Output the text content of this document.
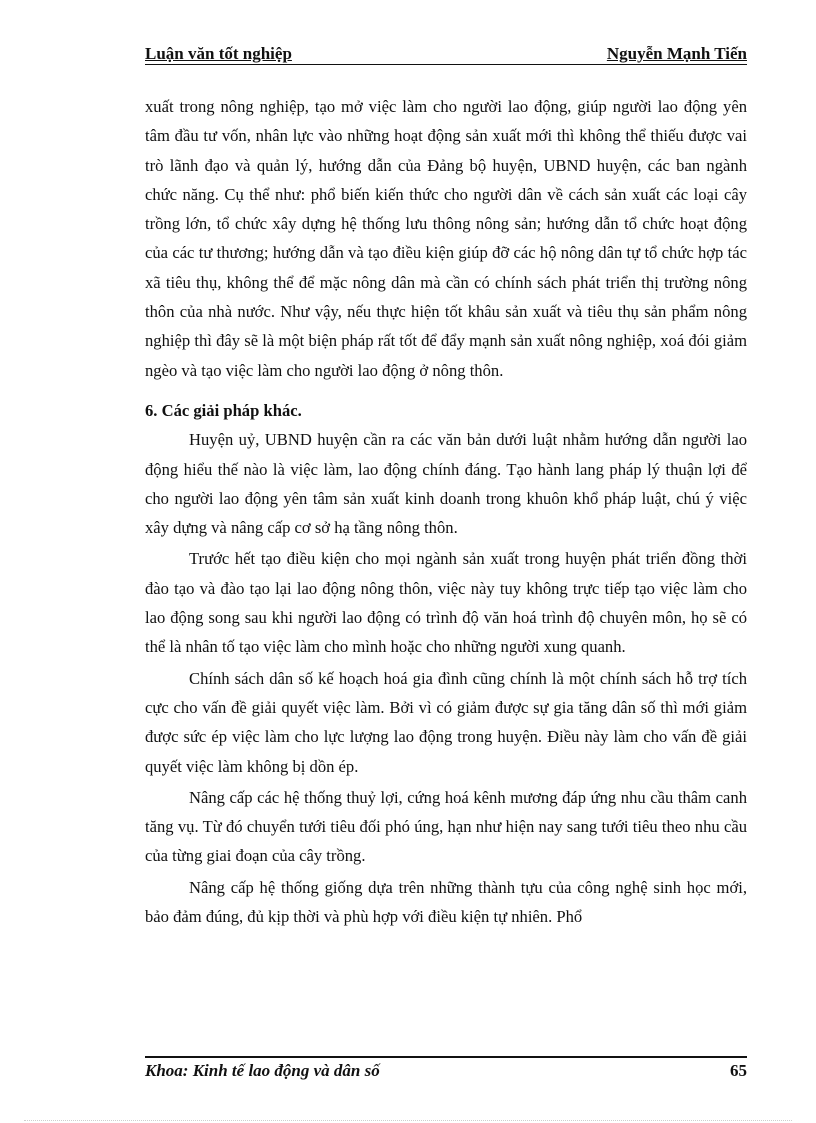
Luận văn tốt nghiệp	Nguyễn Mạnh Tiến

xuất trong nông nghiệp, tạo mở việc làm cho người lao động, giúp người lao động yên tâm đầu tư vốn, nhân lực vào những hoạt động sản xuất mới thì không thể thiếu được vai trò lãnh đạo và quản lý, hướng dẫn của Đảng bộ huyện, UBND huyện, các ban ngành chức năng. Cụ thể như: phổ biến kiến thức cho người dân về cách sản xuất các loại cây trồng lớn, tổ chức xây dựng hệ thống lưu thông nông sản; hướng dẫn tổ chức hoạt động của các tư thương; hướng dẫn và tạo điều kiện giúp đỡ các hộ nông dân tự tổ chức hợp tác xã tiêu thụ, không thể để mặc nông dân mà cần có chính sách phát triển thị trường nông thôn của nhà nước. Như vậy, nếu thực hiện tốt khâu sản xuất và tiêu thụ sản phẩm nông nghiệp thì đây sẽ là một biện pháp rất tốt để đẩy mạnh sản xuất nông nghiệp, xoá đói giảm ngèo và tạo việc làm cho người lao động ở nông thôn.

6. Các giải pháp khác.

Huyện uỷ, UBND huyện cần ra các văn bản dưới luật nhằm hướng dẫn người lao động hiểu thế nào là việc làm, lao động chính đáng. Tạo hành lang pháp lý thuận lợi để cho người lao động yên tâm sản xuất kinh doanh trong khuôn khổ pháp luật, chú ý việc xây dựng và nâng cấp cơ sở hạ tầng nông thôn.

Trước hết tạo điều kiện cho mọi ngành sản xuất trong huyện phát triển đồng thời đào tạo và đào tạo lại lao động nông thôn, việc này tuy không trực tiếp tạo việc làm cho lao động song sau khi người lao động có trình độ văn hoá trình độ chuyên môn, họ sẽ có thể là nhân tố tạo việc làm cho mình hoặc cho những người xung quanh.

Chính sách dân số kế hoạch hoá gia đình cũng chính là một chính sách hỗ trợ tích cực cho vấn đề giải quyết việc làm. Bởi vì có giảm được sự gia tăng dân số thì mới giảm được sức ép việc làm cho lực lượng lao động trong huyện. Điều này làm cho vấn đề giải quyết việc làm không bị dồn ép.

Nâng cấp các hệ thống thuỷ lợi, cứng hoá kênh mương đáp ứng nhu cầu thâm canh tăng vụ. Từ đó chuyển tưới tiêu đối phó úng, hạn như hiện nay sang tưới tiêu theo nhu cầu của từng giai đoạn của cây trồng.

Nâng cấp hệ thống giống dựa trên những thành tựu của công nghệ sinh học mới, bảo đảm đúng, đủ kịp thời và phù hợp với điều kiện tự nhiên. Phổ

Khoa: Kinh tế lao động và dân số	65
